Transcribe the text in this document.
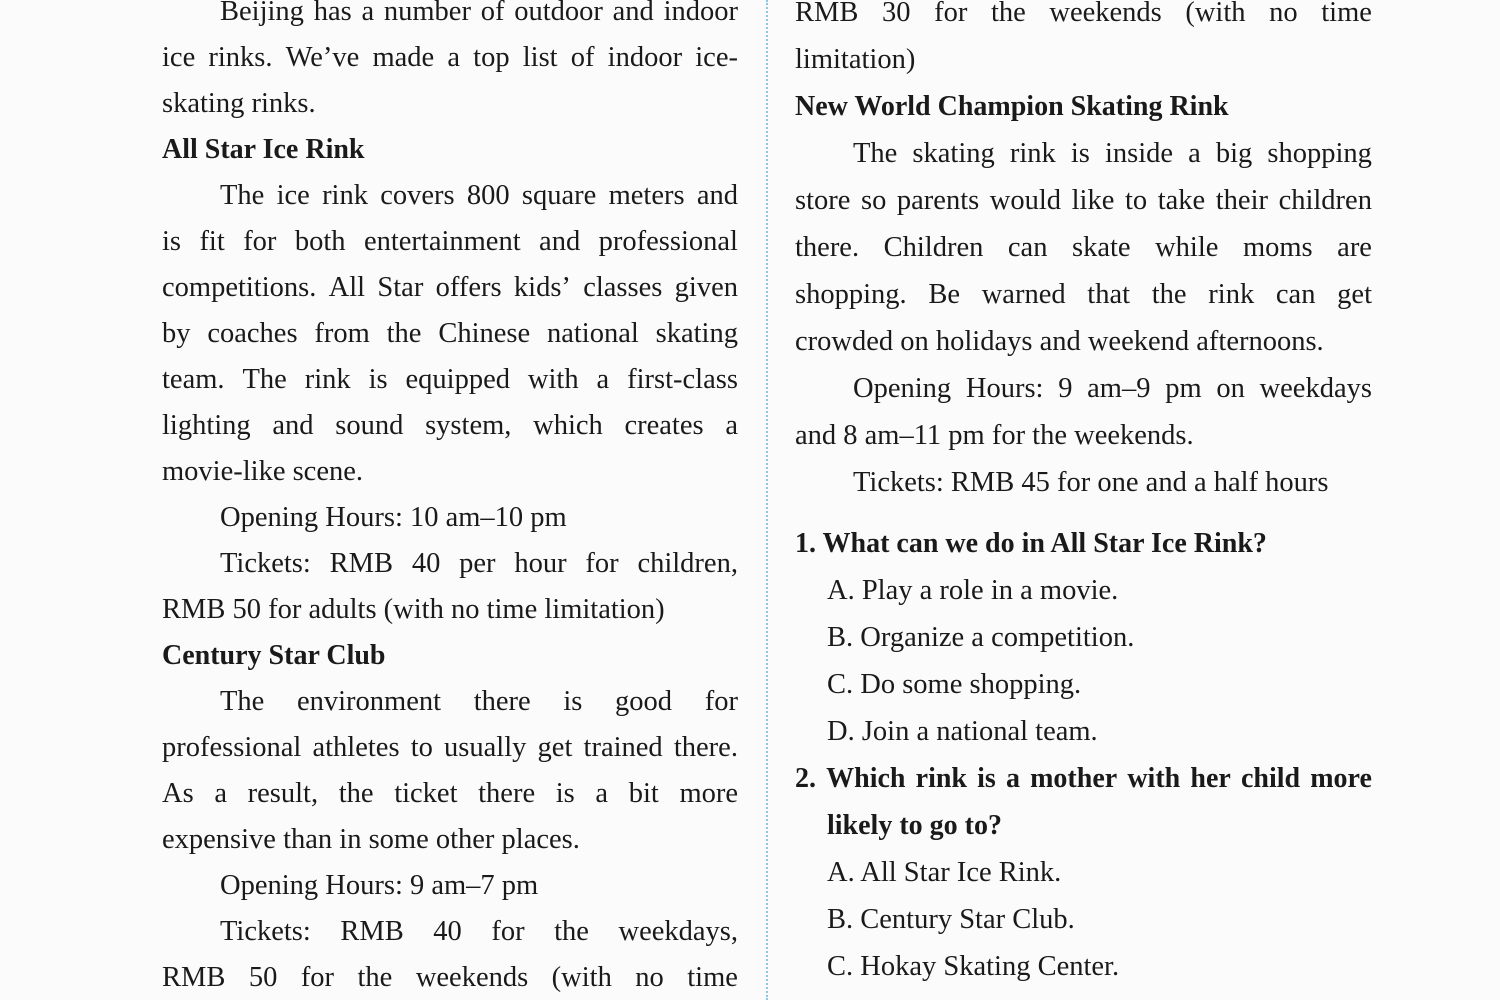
Beijing has a number of outdoor and indoor
ice rinks. We’ve made a top list of indoor ice-
skating rinks.
All Star Ice Rink
The ice rink covers 800 square meters and
is fit for both entertainment and professional
competitions. All Star offers kids’ classes given
by coaches from the Chinese national skating
team. The rink is equipped with a first-class
lighting and sound system, which creates a
movie-like scene.
Opening Hours: 10 am–10 pm
Tickets: RMB 40 per hour for children,
RMB 50 for adults (with no time limitation)
Century Star Club
The environment there is good for
professional athletes to usually get trained there.
As a result, the ticket there is a bit more
expensive than in some other places.
Opening Hours: 9 am–7 pm
Tickets: RMB 40 for the weekdays,
RMB 50 for the weekends (with no time
RMB 30 for the weekends (with no time
limitation)
New World Champion Skating Rink
The skating rink is inside a big shopping
store so parents would like to take their children
there. Children can skate while moms are
shopping. Be warned that the rink can get
crowded on holidays and weekend afternoons.
Opening Hours: 9 am–9 pm on weekdays
and 8 am–11 pm for the weekends.
Tickets: RMB 45 for one and a half hours
1. What can we do in All Star Ice Rink?
A. Play a role in a movie.
B. Organize a competition.
C. Do some shopping.
D. Join a national team.
2. Which rink is a mother with her child more
likely to go to?
A. All Star Ice Rink.
B. Century Star Club.
C. Hokay Skating Center.
